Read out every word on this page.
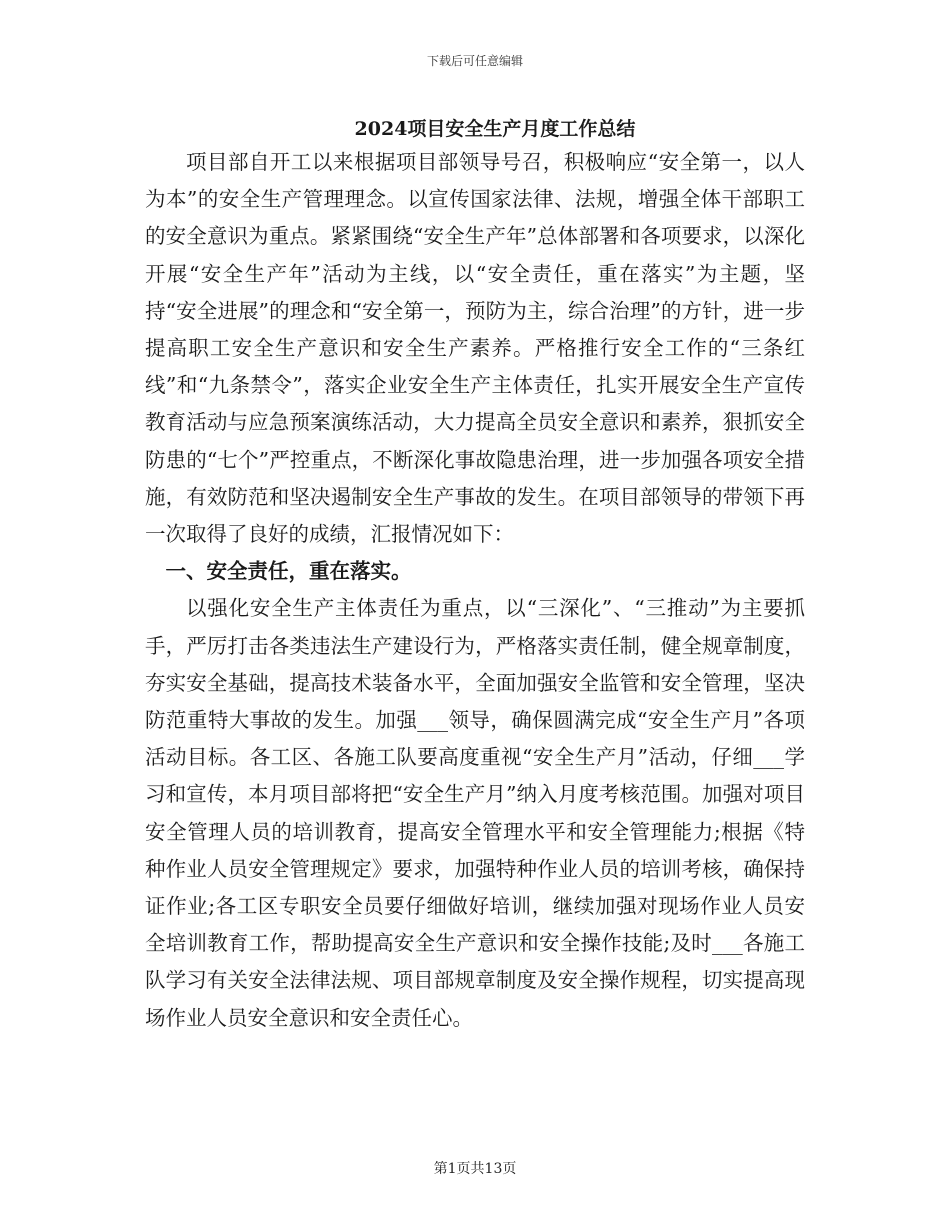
下载后可任意编辑
2024项目安全生产月度工作总结

项目部自开工以来根据项目部领导号召，积极响应“安全第一，以人为本”的安全生产管理理念。以宣传国家法律、法规，增强全体干部职工的安全意识为重点。紧紧围绕“安全生产年”总体部署和各项要求，以深化开展“安全生产年”活动为主线，以“安全责任，重在落实”为主题，坚持“安全进展”的理念和“安全第一，预防为主，综合治理”的方针，进一步提高职工安全生产意识和安全生产素养。严格推行安全工作的“三条红线”和“九条禁令”，落实企业安全生产主体责任，扎实开展安全生产宣传教育活动与应急预案演练活动，大力提高全员安全意识和素养，狠抓安全防患的“七个”严控重点，不断深化事故隐患治理，进一步加强各项安全措施，有效防范和坚决遏制安全生产事故的发生。在项目部领导的带领下再一次取得了良好的成绩，汇报情况如下：

一、安全责任，重在落实。

以强化安全生产主体责任为重点，以“三深化”、“三推动”为主要抓手，严厉打击各类违法生产建设行为，严格落实责任制，健全规章制度，夯实安全基础，提高技术装备水平，全面加强安全监管和安全管理，坚决防范重特大事故的发生。加强___领导，确保圆满完成“安全生产月”各项活动目标。各工区、各施工队要高度重视“安全生产月”活动，仔细___学习和宣传，本月项目部将把“安全生产月”纳入月度考核范围。加强对项目安全管理人员的培训教育，提高安全管理水平和安全管理能力;根据《特种作业人员安全管理规定》要求，加强特种作业人员的培训考核，确保持证作业;各工区专职安全员要仔细做好培训，继续加强对现场作业人员安全培训教育工作，帮助提高安全生产意识和安全操作技能;及时___各施工队学习有关安全法律法规、项目部规章制度及安全操作规程，切实提高现场作业人员安全意识和安全责任心。

第1页共13页
